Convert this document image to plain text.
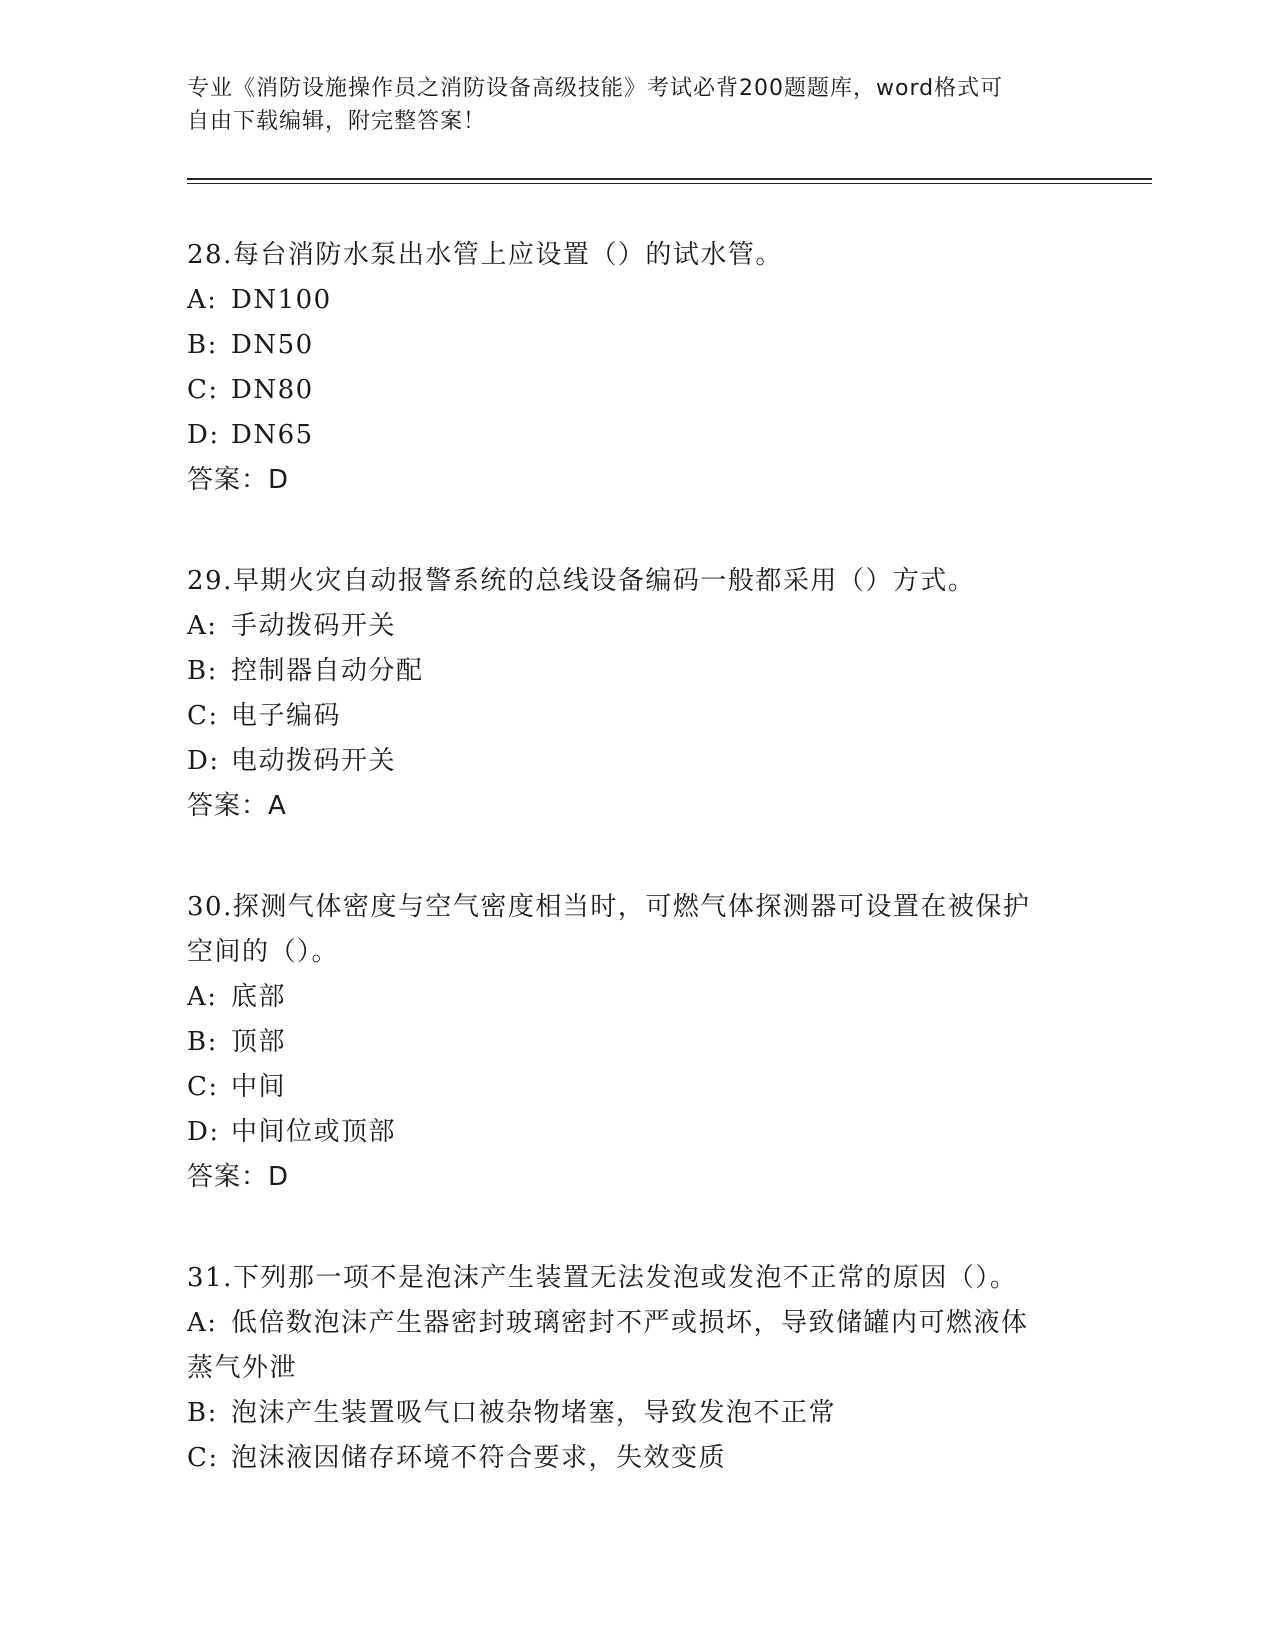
专业《消防设施操作员之消防设备高级技能》考试必背200题题库，word格式可
自由下载编辑，附完整答案！

28.每台消防水泵出水管上应设置（）的试水管。

A: DN100

B: DN50

C: DN80

D: DN65

答案：D

29.早期火灾自动报警系统的总线设备编码一般都采用（）方式。

A: 手动拨码开关

B: 控制器自动分配

C: 电子编码

D: 电动拨码开关

答案：A

30.探测气体密度与空气密度相当时，可燃气体探测器可设置在被保护空间的（）。

A: 底部

B: 顶部

C: 中间

D: 中间位或顶部

答案：D

31.下列那一项不是泡沫产生装置无法发泡或发泡不正常的原因（）。

A: 低倍数泡沫产生器密封玻璃密封不严或损坏，导致储罐内可燃液体蒸气外泄

B: 泡沫产生装置吸气口被杂物堵塞，导致发泡不正常

C: 泡沫液因储存环境不符合要求，失效变质
